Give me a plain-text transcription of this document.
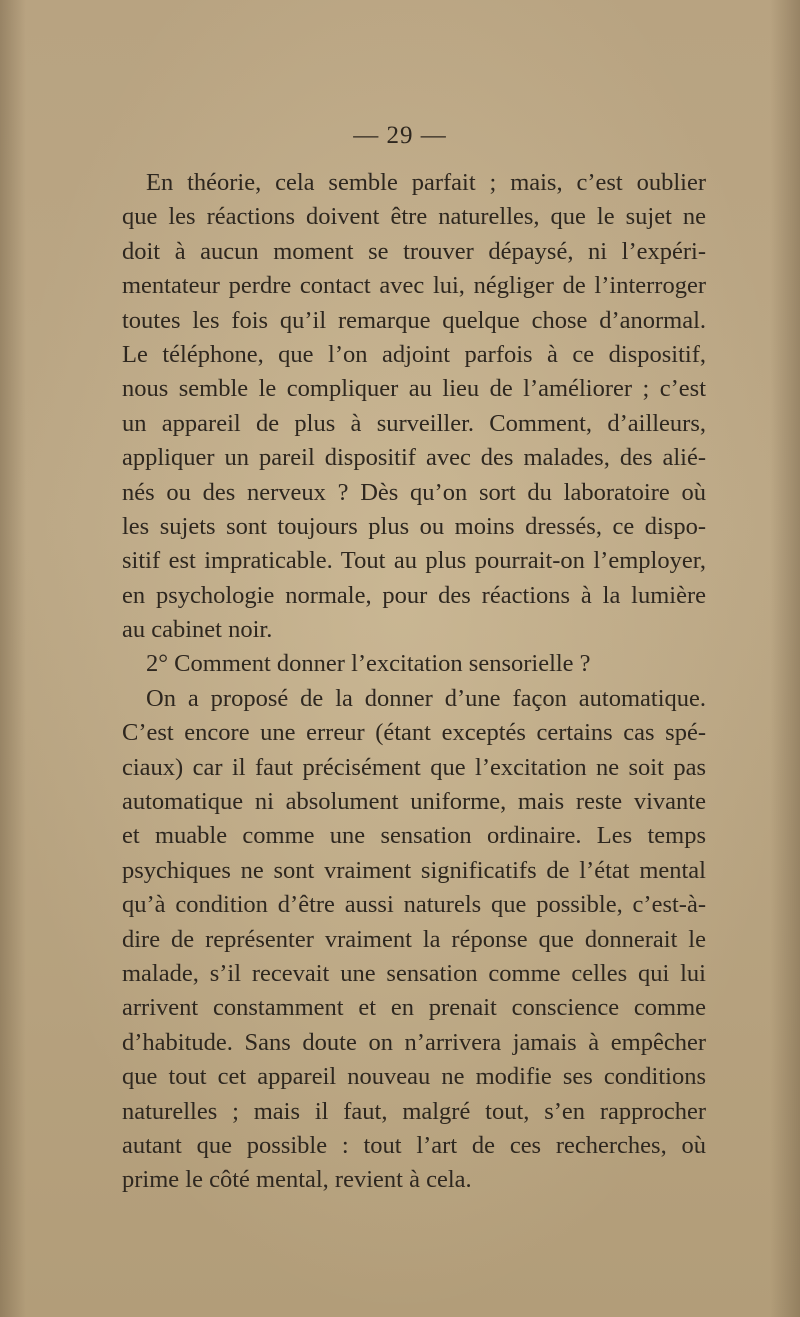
— 29 —
En théorie, cela semble parfait ; mais, c’est oublier
que les réactions doivent être naturelles, que le sujet ne
doit à aucun moment se trouver dépaysé, ni l’expéri-
mentateur perdre contact avec lui, négliger de l’interroger
toutes les fois qu’il remarque quelque chose d’anormal.
Le téléphone, que l’on adjoint parfois à ce dispositif,
nous semble le compliquer au lieu de l’améliorer ; c’est
un appareil de plus à surveiller. Comment, d’ailleurs,
appliquer un pareil dispositif avec des malades, des alié-
nés ou des nerveux ? Dès qu’on sort du laboratoire où
les sujets sont toujours plus ou moins dressés, ce dispo-
sitif est impraticable. Tout au plus pourrait-on l’employer,
en psychologie normale, pour des réactions à la lumière
au cabinet noir.
2° Comment donner l’excitation sensorielle ?
On a proposé de la donner d’une façon automatique.
C’est encore une erreur (étant exceptés certains cas spé-
ciaux) car il faut précisément que l’excitation ne soit pas
automatique ni absolument uniforme, mais reste vivante
et muable comme une sensation ordinaire. Les temps
psychiques ne sont vraiment significatifs de l’état mental
qu’à condition d’être aussi naturels que possible, c’est-à-
dire de représenter vraiment la réponse que donnerait le
malade, s’il recevait une sensation comme celles qui lui
arrivent constamment et en prenait conscience comme
d’habitude. Sans doute on n’arrivera jamais à empêcher
que tout cet appareil nouveau ne modifie ses conditions
naturelles ; mais il faut, malgré tout, s’en rapprocher
autant que possible : tout l’art de ces recherches, où
prime le côté mental, revient à cela.
